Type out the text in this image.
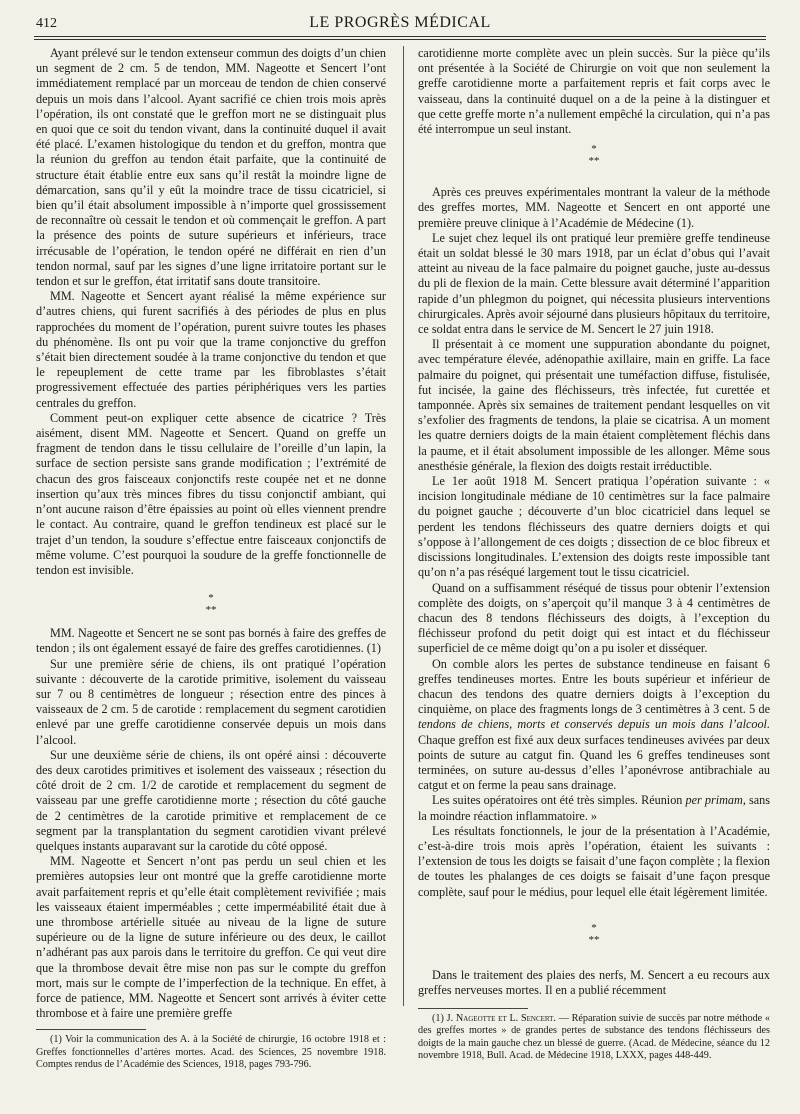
412	LE PROGRÈS MÉDICAL

Ayant prélevé sur le tendon extenseur commun des doigts d’un chien un segment de 2 cm. 5 de tendon, MM. Nageotte et Sencert l’ont immédiatement remplacé par un morceau de tendon de chien conservé depuis un mois dans l’alcool. Ayant sacrifié ce chien trois mois après l’opération, ils ont constaté que le greffon mort ne se distinguait plus en quoi que ce soit du tendon vivant, dans la continuité duquel il avait été placé. L’examen histologique du tendon et du greffon, montra que la réunion du greffon au tendon était parfaite, que la continuité de structure était établie entre eux sans qu’il restât la moindre ligne de démarcation, sans qu’il y eût la moindre trace de tissu cicatriciel, si bien qu’il était absolument impossible à n’importe quel grossissement de reconnaître où cessait le tendon et où commençait le greffon. A part la présence des points de suture supérieurs et inférieurs, trace irrécusable de l’opération, le tendon opéré ne différait en rien d’un tendon normal, sauf par les signes d’une ligne irritatoire portant sur le tendon et sur le greffon, état irritatif sans doute transitoire.

MM. Nageotte et Sencert ayant réalisé la même expérience sur d’autres chiens, qui furent sacrifiés à des périodes de plus en plus rapprochées du moment de l’opération, purent suivre toutes les phases du phénomène. Ils ont pu voir que la trame conjonctive du greffon s’était bien directement soudée à la trame conjonctive du tendon et que le repeuplement de cette trame par les fibroblastes s’était progressivement effectuée des parties périphériques vers les parties centrales du greffon.

Comment peut-on expliquer cette absence de cicatrice ? Très aisément, disent MM. Nageotte et Sencert. Quand on greffe un fragment de tendon dans le tissu cellulaire de l’oreille d’un lapin, la surface de section persiste sans grande modification ; l’extrémité de chacun des gros faisceaux conjonctifs reste coupée net et ne donne insertion qu’aux très minces fibres du tissu conjonctif ambiant, qui n’ont aucune raison d’être épaissies au point où elles viennent prendre le contact. Au contraire, quand le greffon tendineux est placé sur le trajet d’un tendon, la soudure s’effectue entre faisceaux conjonctifs de même volume. C’est pourquoi la soudure de la greffe fonctionnelle de tendon est invisible.

*
**

MM. Nageotte et Sencert ne se sont pas bornés à faire des greffes de tendon ; ils ont également essayé de faire des greffes carotidiennes. (1)

Sur une première série de chiens, ils ont pratiqué l’opération suivante : découverte de la carotide primitive, isolement du vaisseau sur 7 ou 8 centimètres de longueur ; résection entre des pinces à vaisseaux de 2 cm. 5 de carotide : remplacement du segment carotidien enlevé par une greffe carotidienne conservée depuis un mois dans l’alcool.

Sur une deuxième série de chiens, ils ont opéré ainsi : découverte des deux carotides primitives et isolement des vaisseaux ; résection du côté droit de 2 cm. 1/2 de carotide et remplacement du segment de vaisseau par une greffe carotidienne morte ; résection du côté gauche de 2 centimètres de la carotide primitive et remplacement de ce segment par la transplantation du segment carotidien vivant prélevé quelques instants auparavant sur la carotide du côté opposé.

MM. Nageotte et Sencert n’ont pas perdu un seul chien et les premières autopsies leur ont montré que la greffe carotidienne morte avait parfaitement repris et qu’elle était complètement revivifiée ; mais les vaisseaux étaient imperméables ; cette imperméabilité était due à une thrombose artérielle située au niveau de la ligne de suture supérieure ou de la ligne de suture inférieure ou des deux, le caillot n’adhérant pas aux parois dans le territoire du greffon. Ce qui veut dire que la thrombose devait être mise non pas sur le compte du greffon mort, mais sur le compte de l’imperfection de la technique. En effet, à force de patience, MM. Nageotte et Sencert sont arrivés à éviter cette thrombose et à faire une première greffe

(1) Voir la communication des A. à la Société de chirurgie, 16 octobre 1918 et : Greffes fonctionnelles d’artères mortes. Acad. des Sciences, 25 novembre 1918. Comptes rendus de l’Académie des Sciences, 1918, pages 793-796.

carotidienne morte complète avec un plein succès. Sur la pièce qu’ils ont présentée à la Société de Chirurgie on voit que non seulement la greffe carotidienne morte a parfaitement repris et fait corps avec le vaisseau, dans la continuité duquel on a de la peine à la distinguer et que cette greffe morte n’a nullement empêché la circulation, qui n’a pas été interrompue un seul instant.

*
**

Après ces preuves expérimentales montrant la valeur de la méthode des greffes mortes, MM. Nageotte et Sencert en ont apporté une première preuve clinique à l’Académie de Médecine (1).

Le sujet chez lequel ils ont pratiqué leur première greffe tendineuse était un soldat blessé le 30 mars 1918, par un éclat d’obus qui l’avait atteint au niveau de la face palmaire du poignet gauche, juste au-dessus du pli de flexion de la main. Cette blessure avait déterminé l’apparition rapide d’un phlegmon du poignet, qui nécessita plusieurs interventions chirurgicales. Après avoir séjourné dans plusieurs hôpitaux du territoire, ce soldat entra dans le service de M. Sencert le 27 juin 1918.

Il présentait à ce moment une suppuration abondante du poignet, avec température élevée, adénopathie axillaire, main en griffe. La face palmaire du poignet, qui présentait une tuméfaction diffuse, fistulisée, fut incisée, la gaine des fléchisseurs, très infectée, fut curettée et tamponnée. Après six semaines de traitement pendant lesquelles on vit s’exfolier des fragments de tendons, la plaie se cicatrisa. A un moment les quatre derniers doigts de la main étaient complètement fléchis dans la paume, et il était absolument impossible de les allonger. Même sous anesthésie générale, la flexion des doigts restait irréductible.

Le 1er août 1918 M. Sencert pratiqua l’opération suivante : « incision longitudinale médiane de 10 centimètres sur la face palmaire du poignet gauche ; découverte d’un bloc cicatriciel dans lequel se perdent les tendons fléchisseurs des quatre derniers doigts et qui s’oppose à l’allongement de ces doigts ; dissection de ce bloc fibreux et discissions longitudinales. L’extension des doigts reste impossible tant qu’on n’a pas réséqué largement tout le tissu cicatriciel.

Quand on a suffisamment réséqué de tissus pour obtenir l’extension complète des doigts, on s’aperçoit qu’il manque 3 à 4 centimètres de chacun des 8 tendons fléchisseurs des doigts, à l’exception du fléchisseur profond du petit doigt qui est intact et du fléchisseur superficiel de ce même doigt qu’on a pu isoler et disséquer.

On comble alors les pertes de substance tendineuse en faisant 6 greffes tendineuses mortes. Entre les bouts supérieur et inférieur de chacun des tendons des quatre derniers doigts à l’exception du cinquième, on place des fragments longs de 3 centimètres à 3 cent. 5 de tendons de chiens, morts et conservés depuis un mois dans l’alcool. Chaque greffon est fixé aux deux surfaces tendineuses avivées par deux points de suture au catgut fin. Quand les 6 greffes tendineuses sont terminées, on suture au-dessus d’elles l’aponévrose antibrachiale au catgut et on ferme la peau sans drainage.

Les suites opératoires ont été très simples. Réunion per primam, sans la moindre réaction inflammatoire. »

Les résultats fonctionnels, le jour de la présentation à l’Académie, c’est-à-dire trois mois après l’opération, étaient les suivants : l’extension de tous les doigts se faisait d’une façon complète ; la flexion de toutes les phalanges de ces doigts se faisait d’une façon presque complète, sauf pour le médius, pour lequel elle était légèrement limitée.

*
**

Dans le traitement des plaies des nerfs, M. Sencert a eu recours aux greffes nerveuses mortes. Il en a publié récemment

(1) J. Nageotte et L. Sencert. — Réparation suivie de succès par notre méthode « des greffes mortes » de grandes pertes de substance des tendons fléchisseurs des doigts de la main gauche chez un blessé de guerre. (Acad. de Médecine, séance du 12 novembre 1918, Bull. Acad. de Médecine 1918, LXXX, pages 448-449.
